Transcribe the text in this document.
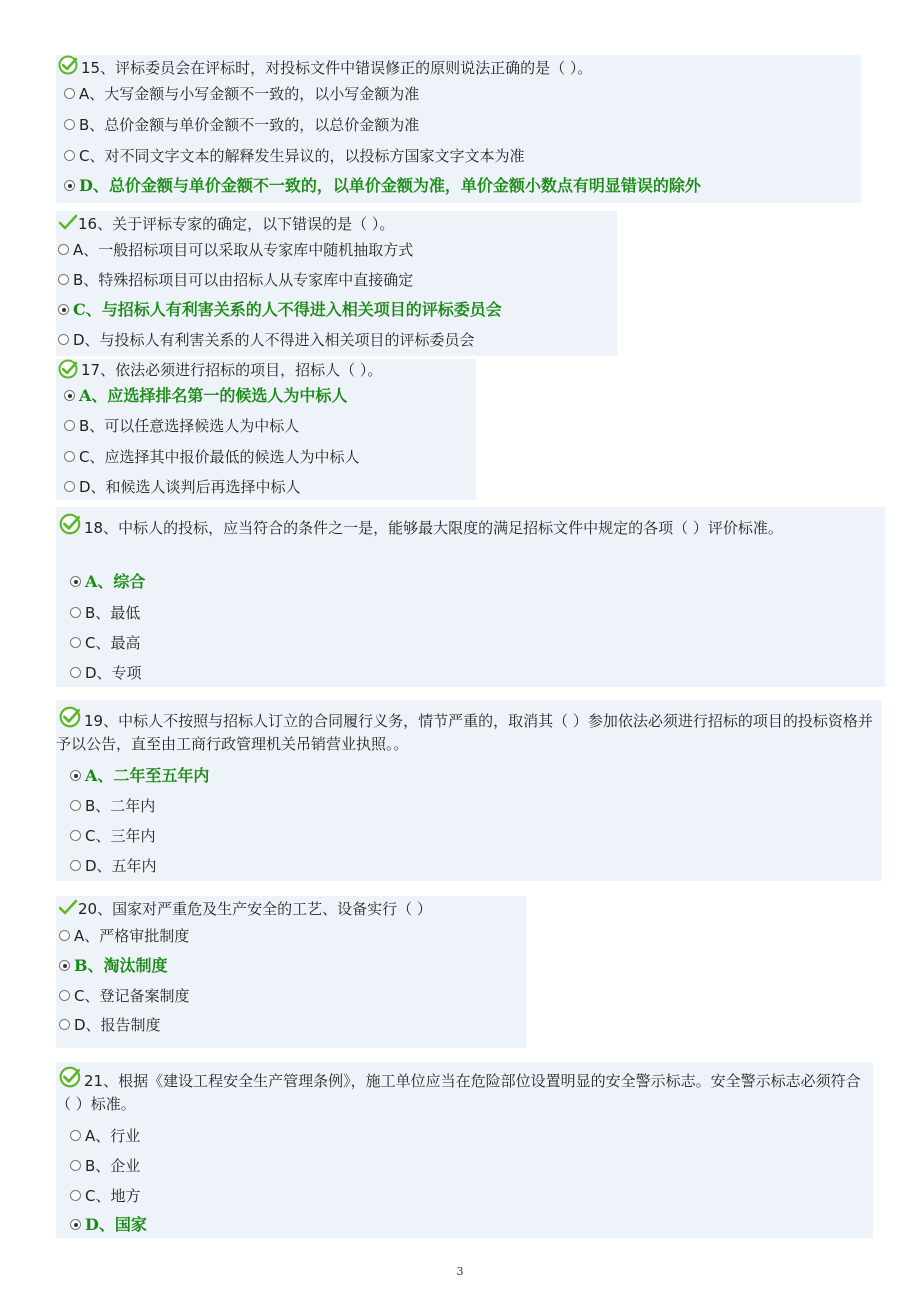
15、评标委员会在评标时，对投标文件中错误修正的原则说法正确的是（ ）。
A、大写金额与小写金额不一致的，以小写金额为准
B、总价金额与单价金额不一致的，以总价金额为准
C、对不同文字文本的解释发生异议的，以投标方国家文字文本为准
D、总价金额与单价金额不一致的，以单价金额为准，单价金额小数点有明显错误的除外
16、关于评标专家的确定，以下错误的是（ ）。
A、一般招标项目可以采取从专家库中随机抽取方式
B、特殊招标项目可以由招标人从专家库中直接确定
C、与招标人有利害关系的人不得进入相关项目的评标委员会
D、与投标人有利害关系的人不得进入相关项目的评标委员会
17、依法必须进行招标的项目，招标人（ ）。
A、应选择排名第一的候选人为中标人
B、可以任意选择候选人为中标人
C、应选择其中报价最低的候选人为中标人
D、和候选人谈判后再选择中标人
18、中标人的投标，应当符合的条件之一是，能够最大限度的满足招标文件中规定的各项（ ）评价标准。
A、综合
B、最低
C、最高
D、专项
19、中标人不按照与招标人订立的合同履行义务，情节严重的，取消其（ ）参加依法必须进行招标的项目的投标资格并予以公告，直至由工商行政管理机关吊销营业执照。。
A、二年至五年内
B、二年内
C、三年内
D、五年内
20、国家对严重危及生产安全的工艺、设备实行（ ）
A、严格审批制度
B、淘汰制度
C、登记备案制度
D、报告制度
21、根据《建设工程安全生产管理条例》，施工单位应当在危险部位设置明显的安全警示标志。安全警示标志必须符合（ ）标准。
A、行业
B、企业
C、地方
D、国家
3
